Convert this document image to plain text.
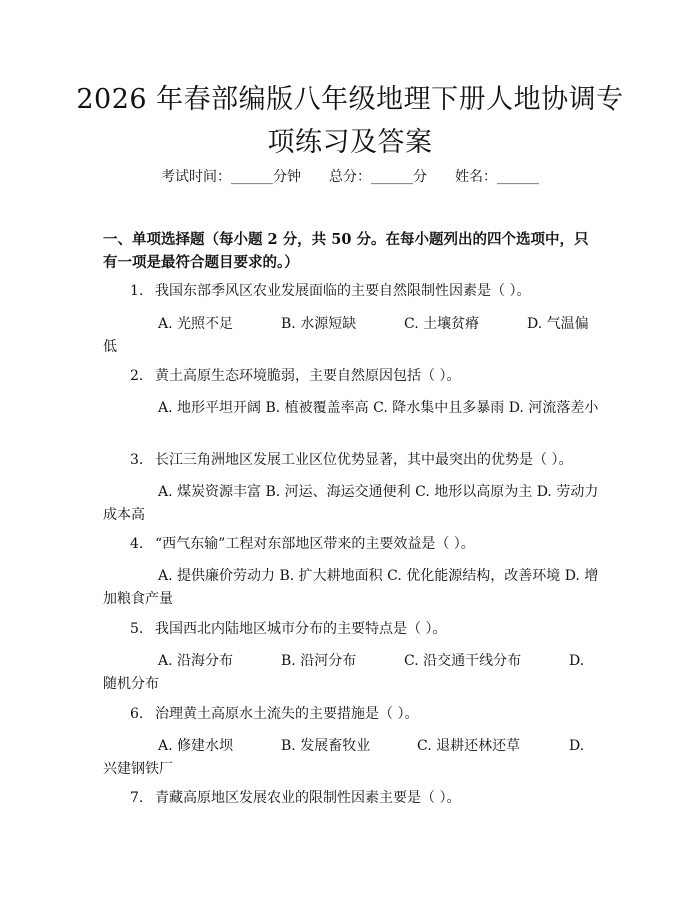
2026 年春部编版八年级地理下册人地协调专
项练习及答案
考试时间：______分钟 总分：______分 姓名：______
一、单项选择题（每小题 2 分，共 50 分。在每小题列出的四个选项中，只有一项是最符合题目要求的。）
1. 我国东部季风区农业发展面临的主要自然限制性因素是（ ）。
A. 光照不足	B. 水源短缺	C. 土壤贫瘠	D. 气温偏低
2. 黄土高原生态环境脆弱，主要自然原因包括（ ）。
A. 地形平坦开阔 B. 植被覆盖率高 C. 降水集中且多暴雨 D. 河流落差小
3. 长江三角洲地区发展工业区位优势显著，其中最突出的优势是（ ）。
A. 煤炭资源丰富 B. 河运、海运交通便利 C. 地形以高原为主 D. 劳动力成本高
4. “西气东输”工程对东部地区带来的主要效益是（ ）。
A. 提供廉价劳动力 B. 扩大耕地面积 C. 优化能源结构，改善环境 D. 增加粮食产量
5. 我国西北内陆地区城市分布的主要特点是（ ）。
A. 沿海分布	B. 沿河分布	C. 沿交通干线分布	D. 随机分布
6. 治理黄土高原水土流失的主要措施是（ ）。
A. 修建水坝	B. 发展畜牧业	C. 退耕还林还草	D. 兴建钢铁厂
7. 青藏高原地区发展农业的限制性因素主要是（ ）。
